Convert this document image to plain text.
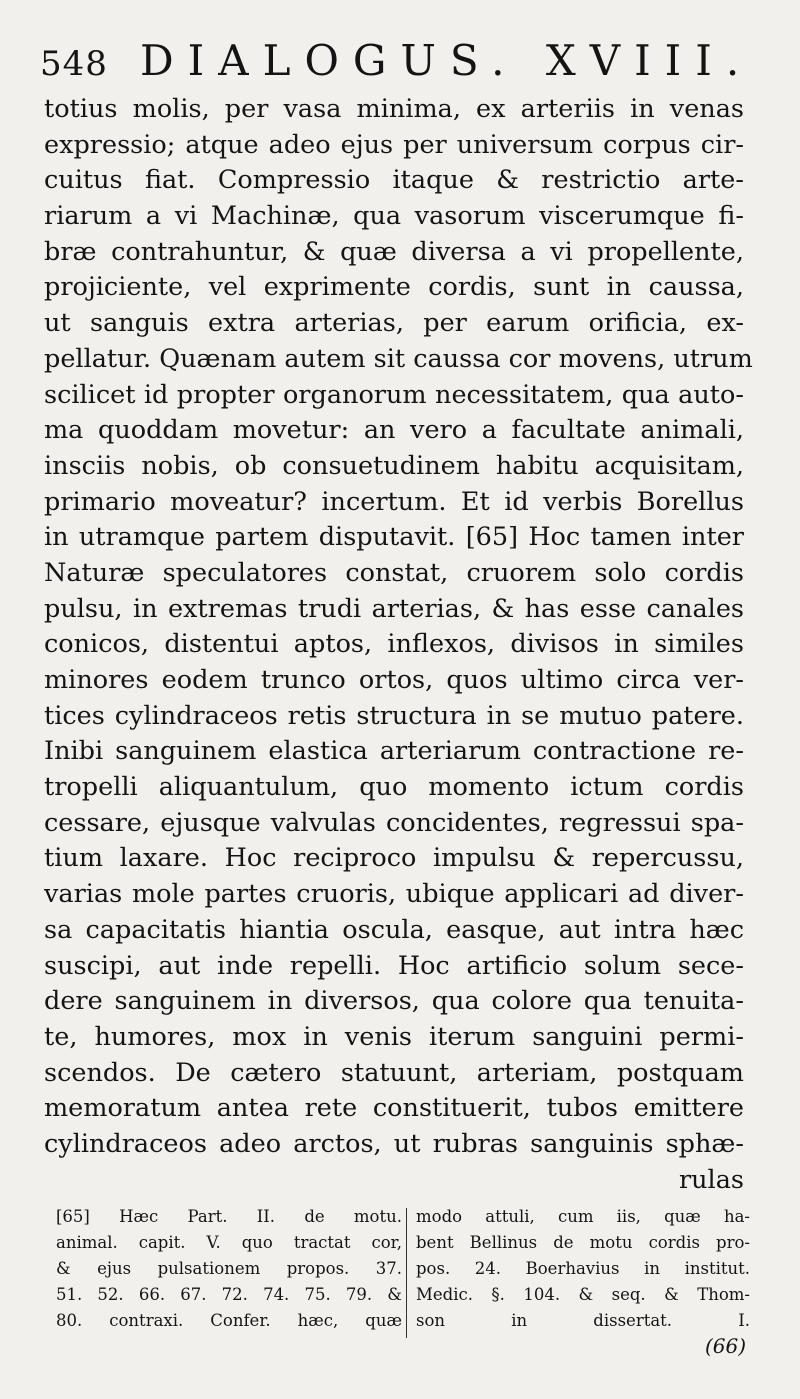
548 DIALOGUS. XVIII.
totius molis, per vasa minima, ex arteriis in venas
expressio; atque adeo ejus per universum corpus cir-
cuitus fiat. Compressio itaque & restrictio arte-
riarum a vi Machinæ, qua vasorum viscerumque fi-
bræ contrahuntur, & quæ diversa a vi propellente,
projiciente, vel exprimente cordis, sunt in caussa,
ut sanguis extra arterias, per earum orificia, ex-
pellatur. Quænam autem sit caussa cor movens, utrum
scilicet id propter organorum necessitatem, qua auto-
ma quoddam movetur: an vero a facultate animali,
insciis nobis, ob consuetudinem habitu acquisitam,
primario moveatur? incertum. Et id verbis Borellus
in utramque partem disputavit. [65] Hoc tamen inter
Naturæ speculatores constat, cruorem solo cordis
pulsu, in extremas trudi arterias, & has esse canales
conicos, distentui aptos, inflexos, divisos in similes
minores eodem trunco ortos, quos ultimo circa ver-
tices cylindraceos retis structura in se mutuo patere.
Inibi sanguinem elastica arteriarum contractione re-
tropelli aliquantulum, quo momento ictum cordis
cessare, ejusque valvulas concidentes, regressui spa-
tium laxare. Hoc reciproco impulsu & repercussu,
varias mole partes cruoris, ubique applicari ad diver-
sa capacitatis hiantia oscula, easque, aut intra hæc
suscipi, aut inde repelli. Hoc artificio solum sece-
dere sanguinem in diversos, qua colore qua tenuita-
te, humores, mox in venis iterum sanguini permi-
scendos. De cætero statuunt, arteriam, postquam
memoratum antea rete constituerit, tubos emittere
cylindraceos adeo arctos, ut rubras sanguinis sphæ-
rulas
[65] Hæc Part. II. de motu.
animal. capit. V. quo tractat cor,
& ejus pulsationem propos. 37.
51. 52. 66. 67. 72. 74. 75. 79. &
80. contraxi. Confer. hæc, quæ
modo attuli, cum iis, quæ ha-
bent Bellinus de motu cordis pro-
pos. 24. Boerhavius in institut.
Medic. §. 104. & seq. & Thom-
son in dissertat. I.
(66)
